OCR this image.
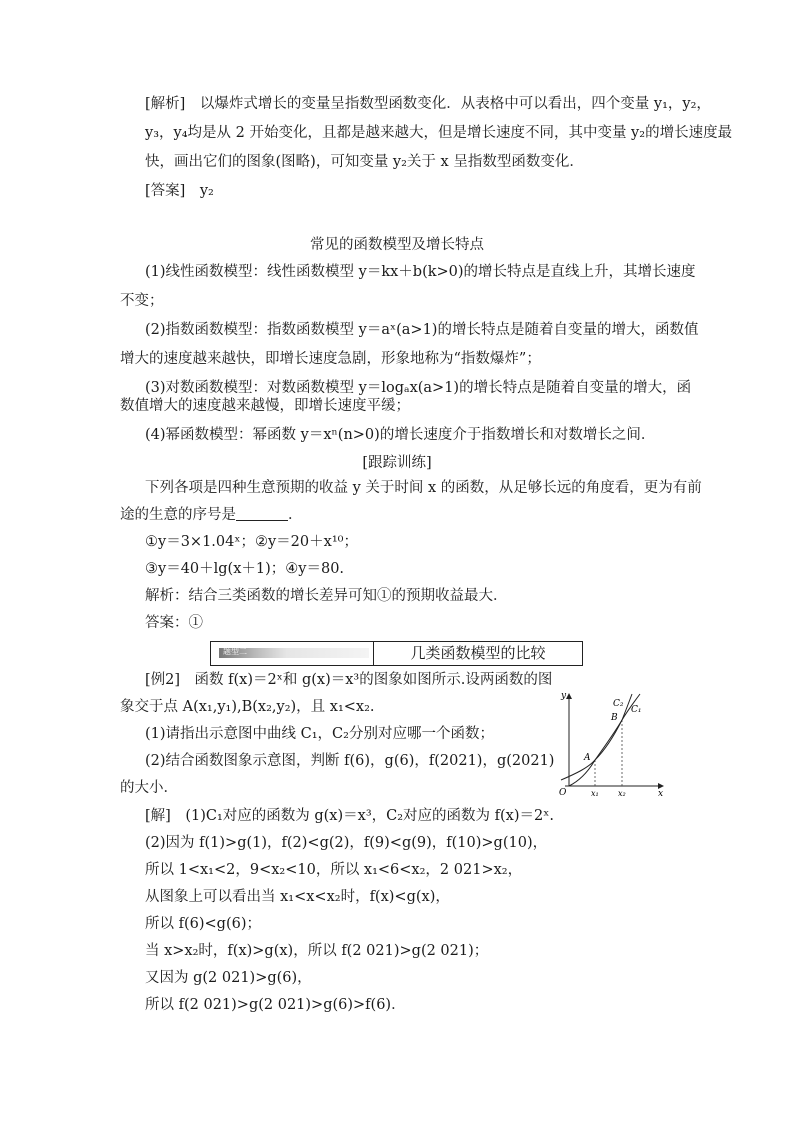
[解析]　以爆炸式增长的变量呈指数型函数变化．从表格中可以看出，四个变量 y₁，y₂，
y₃，y₄均是从 2 开始变化，且都是越来越大，但是增长速度不同，其中变量 y₂的增长速度最
快，画出它们的图象(图略)，可知变量 y₂关于 x 呈指数型函数变化．
[答案]　y₂
常见的函数模型及增长特点
(1)线性函数模型：线性函数模型 y＝kx＋b(k>0)的增长特点是直线上升，其增长速度
不变；
(2)指数函数模型：指数函数模型 y＝aˣ(a>1)的增长特点是随着自变量的增大，函数值
增大的速度越来越快，即增长速度急剧，形象地称为“指数爆炸”；
(3)对数函数模型：对数函数模型 y＝logₐx(a>1)的增长特点是随着自变量的增大，函
数值增大的速度越来越慢，即增长速度平缓；
(4)幂函数模型：幂函数 y＝xⁿ(n>0)的增长速度介于指数增长和对数增长之间．
[跟踪训练]
下列各项是四种生意预期的收益 y 关于时间 x 的函数，从足够长远的角度看，更为有前
途的生意的序号是	．
①y＝3×1.04ˣ；②y＝20＋x¹⁰；
③y＝40＋lg(x＋1)；④y＝80.
解析：结合三类函数的增长差异可知①的预期收益最大．
答案：①
题型二	几类函数模型的比较
[例2]　函数 f(x)＝2ˣ和 g(x)＝x³的图象如图所示.设两函数的图
象交于点 A(x₁,y₁),B(x₂,y₂)，且 x₁<x₂.
(1)请指出示意图中曲线 C₁，C₂分别对应哪一个函数；
(2)结合函数图象示意图，判断 f(6)，g(6)，f(2021)，g(2021)
的大小．
[解]　(1)C₁对应的函数为 g(x)＝x³，C₂对应的函数为 f(x)＝2ˣ.
(2)因为 f(1)>g(1)，f(2)<g(2)，f(9)<g(9)，f(10)>g(10)，
所以 1<x₁<2，9<x₂<10，所以 x₁<6<x₂，2 021>x₂，
从图象上可以看出当 x₁<x<x₂时，f(x)<g(x)，
所以 f(6)<g(6)；
当 x>x₂时，f(x)>g(x)，所以 f(2 021)>g(2 021)；
又因为 g(2 021)>g(6)，
所以 f(2 021)>g(2 021)>g(6)>f(6)．
y
x
O
C₂
C₁
B
A
x₁ x₂
